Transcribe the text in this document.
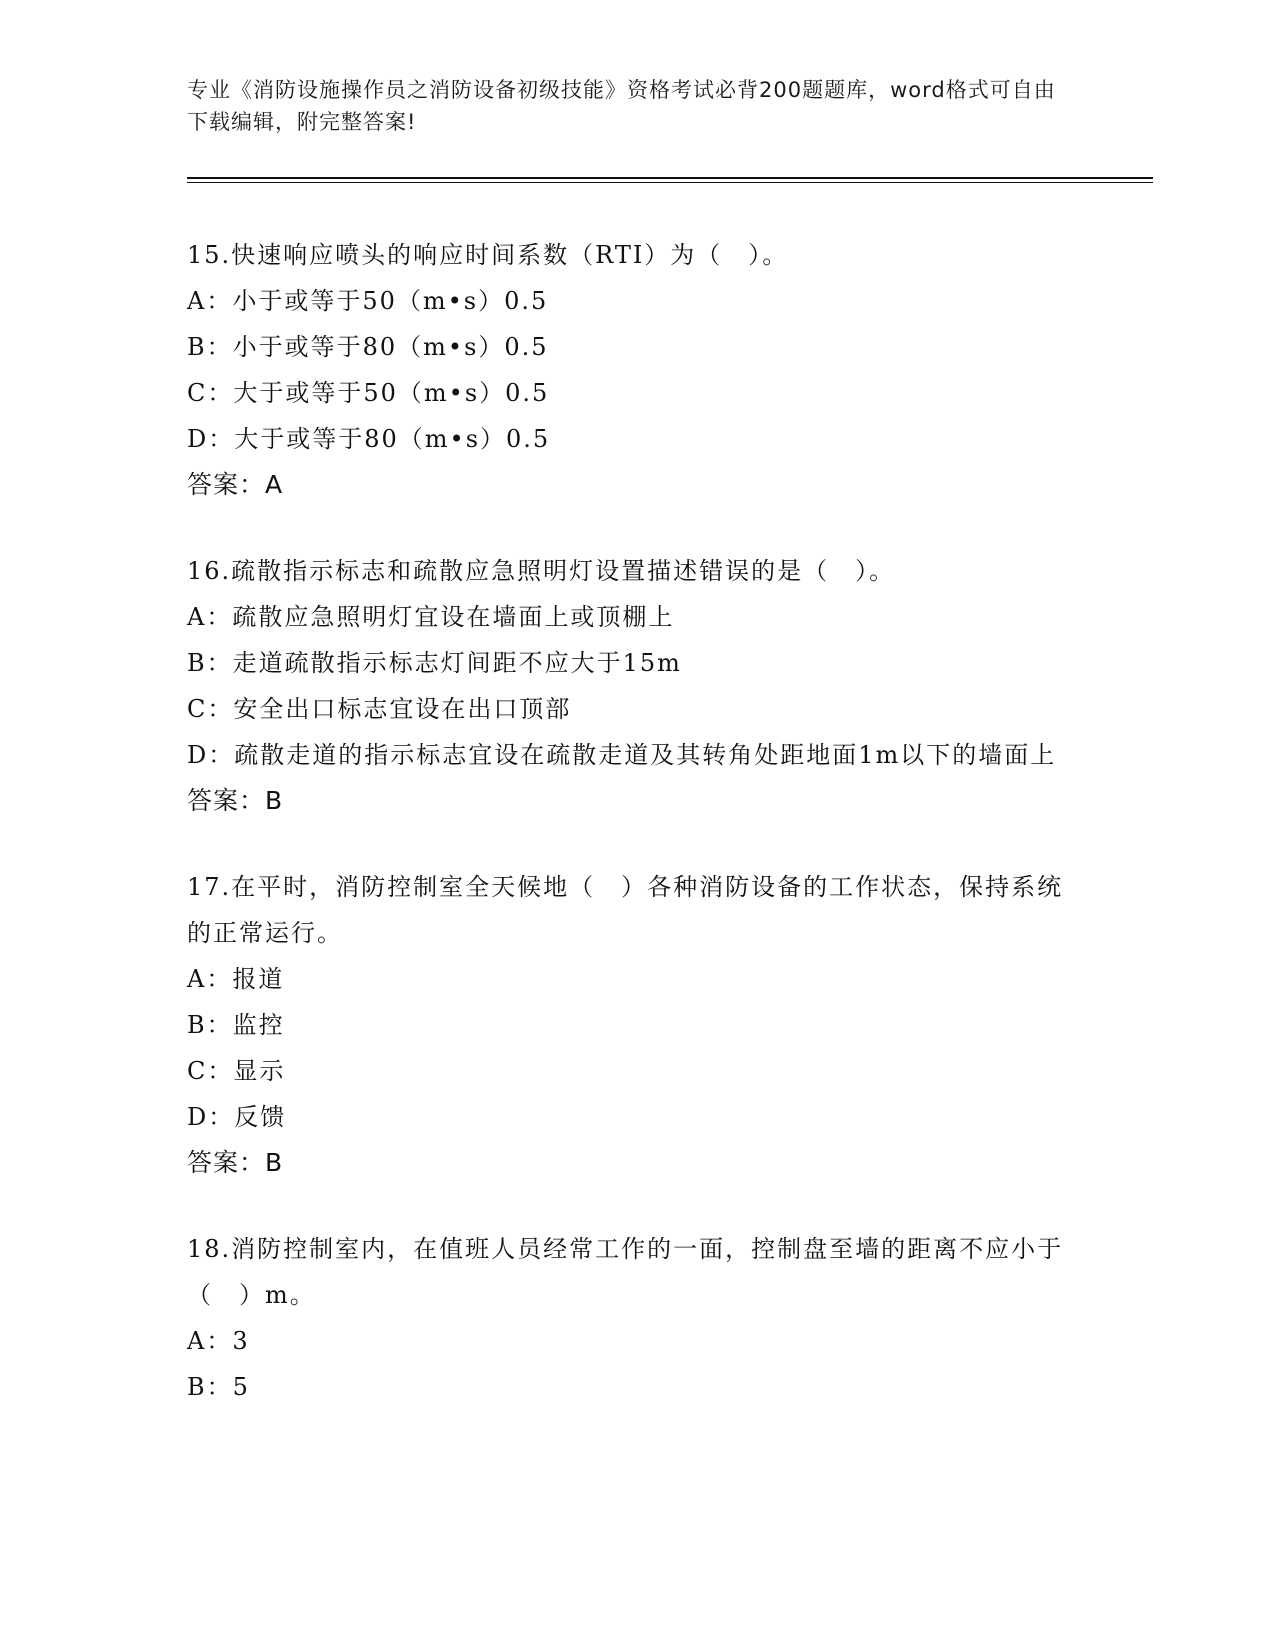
专业《消防设施操作员之消防设备初级技能》资格考试必背200题题库，word格式可自由下载编辑，附完整答案!
15.快速响应喷头的响应时间系数（RTI）为（　）。
A：小于或等于50（m•s）0.5
B：小于或等于80（m•s）0.5
C：大于或等于50（m•s）0.5
D：大于或等于80（m•s）0.5
答案：A
16.疏散指示标志和疏散应急照明灯设置描述错误的是（　）。
A：疏散应急照明灯宜设在墙面上或顶棚上
B：走道疏散指示标志灯间距不应大于15m
C：安全出口标志宜设在出口顶部
D：疏散走道的指示标志宜设在疏散走道及其转角处距地面1m以下的墙面上
答案：B
17.在平时，消防控制室全天候地（　）各种消防设备的工作状态，保持系统的正常运行。
A：报道
B：监控
C：显示
D：反馈
答案：B
18.消防控制室内，在值班人员经常工作的一面，控制盘至墙的距离不应小于（　）m。
A：3
B：5
